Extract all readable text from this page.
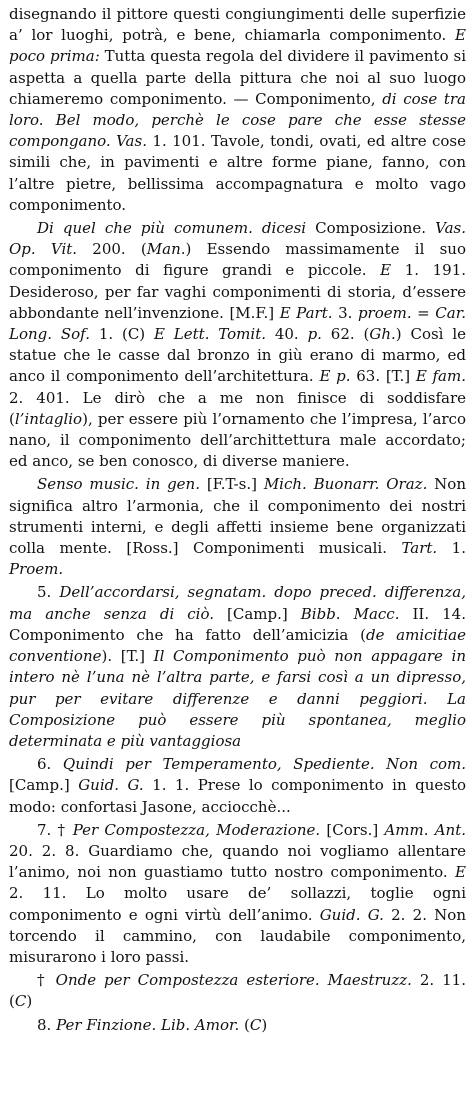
disegnando il pittore questi congiungimenti delle superfizie a’ lor luoghi, potrà, e bene, chiamarla componimento. E poco prima: Tutta questa regola del dividere il pavimento si aspetta a quella parte della pittura che noi al suo luogo chiameremo componimento. — Componimento, di cose tra loro. Bel modo, perchè le cose pare che esse stesse compongano. Vas. 1. 101. Tavole, tondi, ovati, ed altre cose simili che, in pavimenti e altre forme piane, fanno, con l’altre pietre, bellissima accompagnatura e molto vago componimento.

Di quel che più comunem. dicesi Composizione. Vas. Op. Vit. 200. (Man.) Essendo massimamente il suo componimento di figure grandi e piccole. E 1. 191. Desideroso, per far vaghi componimenti di storia, d’essere abbondante nell’invenzione. [M.F.] E Part. 3. proem. = Car. Long. Sof. 1. (C) E Lett. Tomit. 40. p. 62. (Gh.) Così le statue che le casse dal bronzo in giù erano di marmo, ed anco il componimento dell’architettura. E p. 63. [T.] E fam. 2. 401. Le dirò che a me non finisce di soddisfare (l’intaglio), per essere più l’ornamento che l’impresa, l’arco nano, il componimento dell’archittettura male accordato; ed anco, se ben conosco, di diverse maniere.

Senso music. in gen. [F.T-s.] Mich. Buonarr. Oraz. Non significa altro l’armonia, che il componimento dei nostri strumenti interni, e degli affetti insieme bene organizzati colla mente. [Ross.] Componimenti musicali. Tart. 1. Proem.

5. Dell’accordarsi, segnatam. dopo preced. differenza, ma anche senza di ciò. [Camp.] Bibb. Macc. II. 14. Componimento che ha fatto dell’amicizia (de amicitiae conventione). [T.] Il Componimento può non appagare in intero nè l’una nè l’altra parte, e farsi così a un dipresso, pur per evitare differenze e danni peggiori. La Composizione può essere più spontanea, meglio determinata e più vantaggiosa

6. Quindi per Temperamento, Spediente. Non com. [Camp.] Guid. G. 1. 1. Prese lo componimento in questo modo: confortasi Jasone, acciocchè...

7. † Per Compostezza, Moderazione. [Cors.] Amm. Ant. 20. 2. 8. Guardiamo che, quando noi vogliamo allentare l’animo, noi non guastiamo tutto nostro componimento. E 2. 11. Lo molto usare de’ sollazzi, toglie ogni componimento e ogni virtù dell’animo. Guid. G. 2. 2. Non torcendo il cammino, con laudabile componimento, misurarono i loro passi.

† Onde per Compostezza esteriore. Maestruzz. 2. 11. (C)

8. Per Finzione. Lib. Amor. (C)
